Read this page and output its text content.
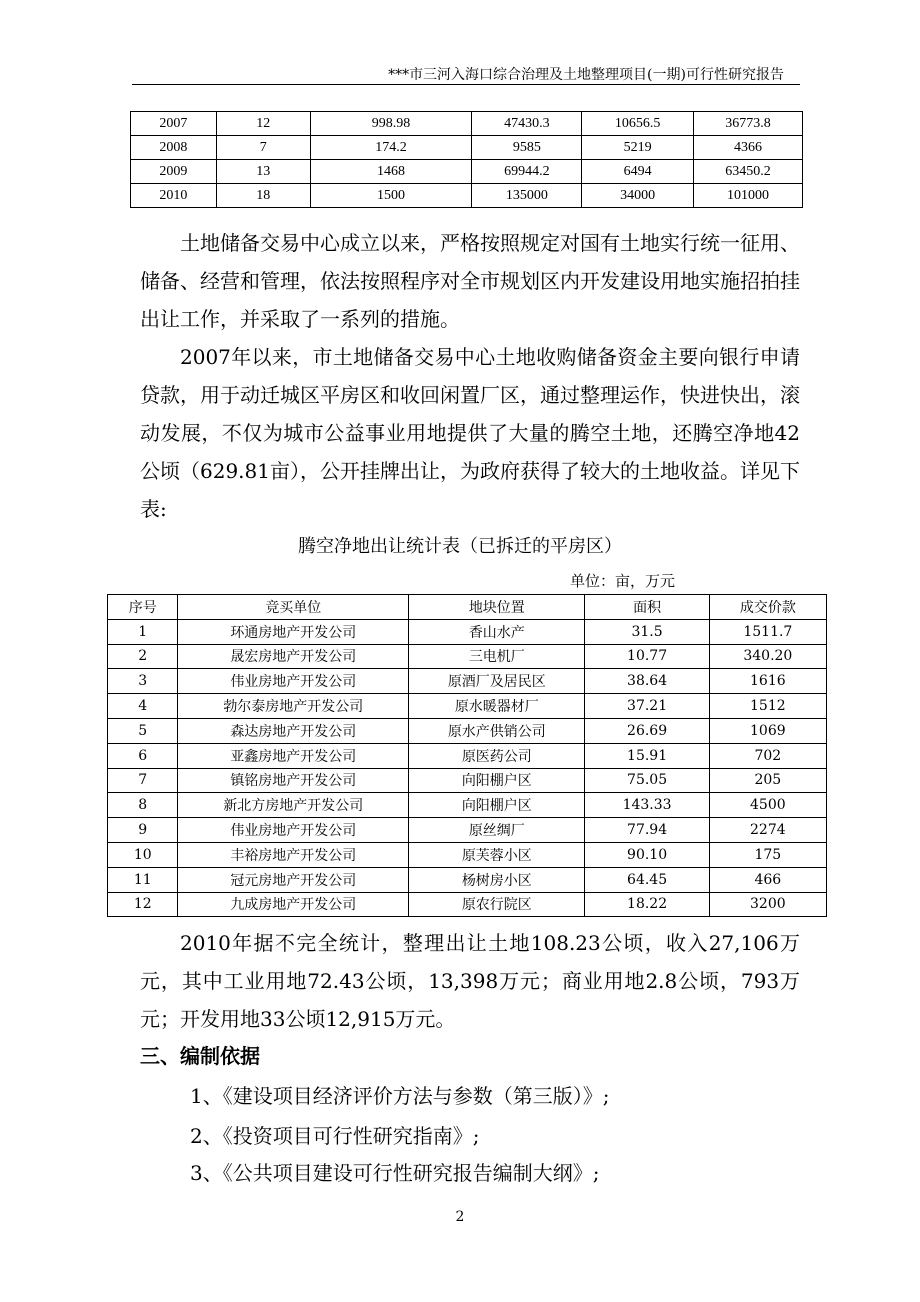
***市三河入海口综合治理及土地整理项目(一期)可行性研究报告
2007	12	998.98	47430.3	10656.5	36773.8
2008	7	174.2	9585	5219	4366
2009	13	1468	69944.2	6494	63450.2
2010	18	1500	135000	34000	101000
土地储备交易中心成立以来，严格按照规定对国有土地实行统一征用、储备、经营和管理，依法按照程序对全市规划区内开发建设用地实施招拍挂出让工作，并采取了一系列的措施。
2007年以来，市土地储备交易中心土地收购储备资金主要向银行申请贷款，用于动迁城区平房区和收回闲置厂区，通过整理运作，快进快出，滚动发展，不仅为城市公益事业用地提供了大量的腾空土地，还腾空净地42公顷（629.81亩），公开挂牌出让，为政府获得了较大的土地收益。详见下表:
腾空净地出让统计表（已拆迁的平房区）
单位：亩，万元
序号	竞买单位	地块位置	面积	成交价款
1	环通房地产开发公司	香山水产	31.5	1511.7
2	晟宏房地产开发公司	三电机厂	10.77	340.20
3	伟业房地产开发公司	原酒厂及居民区	38.64	1616
4	勃尔泰房地产开发公司	原水暖器材厂	37.21	1512
5	森达房地产开发公司	原水产供销公司	26.69	1069
6	亚鑫房地产开发公司	原医药公司	15.91	702
7	镇铭房地产开发公司	向阳棚户区	75.05	205
8	新北方房地产开发公司	向阳棚户区	143.33	4500
9	伟业房地产开发公司	原丝绸厂	77.94	2274
10	丰裕房地产开发公司	原芙蓉小区	90.10	175
11	冠元房地产开发公司	杨树房小区	64.45	466
12	九成房地产开发公司	原农行院区	18.22	3200
2010年据不完全统计，整理出让土地108.23公顷，收入27,106万元，其中工业用地72.43公顷，13,398万元；商业用地2.8公顷，793万元；开发用地33公顷12,915万元。
三、编制依据
1、《建设项目经济评价方法与参数（第三版）》;
2、《投资项目可行性研究指南》;
3、《公共项目建设可行性研究报告编制大纲》;
2
